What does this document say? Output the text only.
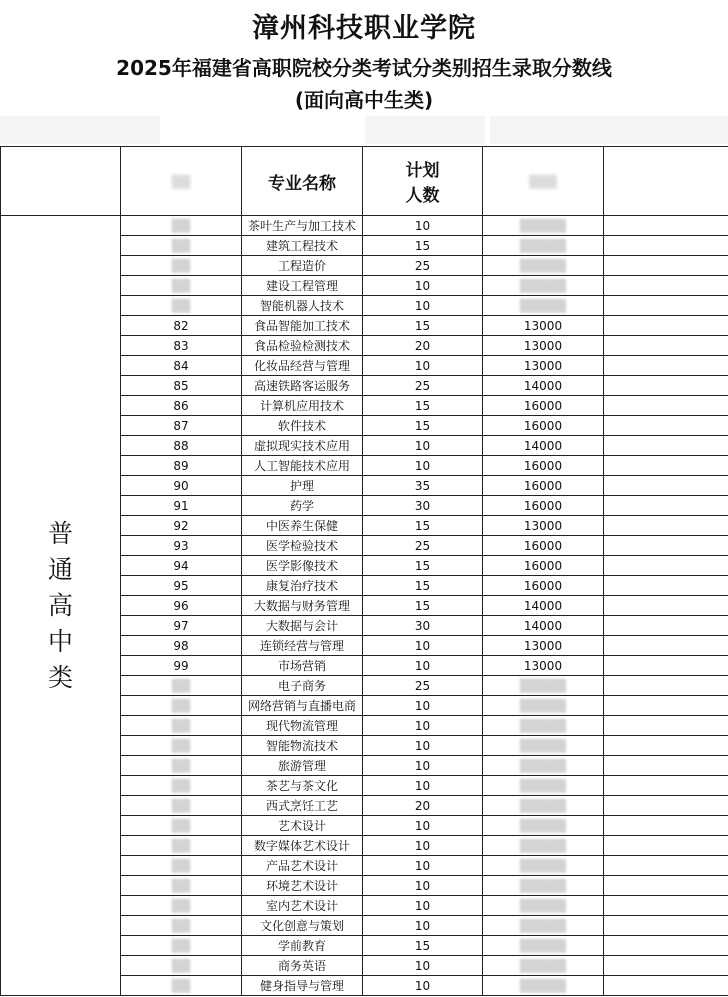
漳州科技职业学院
2025年福建省高职院校分类考试分类别招生录取分数线
(面向高中生类)
	▒▒	专业名称	计划
人数	▒▒▒	

普
通
高
中
类	▒▒	茶叶生产与加工技术	10	▒▒▒▒▒	
	▒▒	建筑工程技术	15	▒▒▒▒▒	
	▒▒	工程造价	25	▒▒▒▒▒	
	▒▒	建设工程管理	10	▒▒▒▒▒	
	▒▒	智能机器人技术	10	▒▒▒▒▒	
	82	食品智能加工技术	15	13000	
	83	食品检验检测技术	20	13000	
	84	化妆品经营与管理	10	13000	
	85	高速铁路客运服务	25	14000	
	86	计算机应用技术	15	16000	
	87	软件技术	15	16000	
	88	虚拟现实技术应用	10	14000	
	89	人工智能技术应用	10	16000	
	90	护理	35	16000	
	91	药学	30	16000	
	92	中医养生保健	15	13000	
	93	医学检验技术	25	16000	
	94	医学影像技术	15	16000	
	95	康复治疗技术	15	16000	
	96	大数据与财务管理	15	14000	
	97	大数据与会计	30	14000	
	98	连锁经营与管理	10	13000	
	99	市场营销	10	13000	
	▒▒	电子商务	25	▒▒▒▒▒	
	▒▒	网络营销与直播电商	10	▒▒▒▒▒	
	▒▒	现代物流管理	10	▒▒▒▒▒	
	▒▒	智能物流技术	10	▒▒▒▒▒	
	▒▒	旅游管理	10	▒▒▒▒▒	
	▒▒	茶艺与茶文化	10	▒▒▒▒▒	
	▒▒	西式烹饪工艺	20	▒▒▒▒▒	
	▒▒	艺术设计	10	▒▒▒▒▒	
	▒▒	数字媒体艺术设计	10	▒▒▒▒▒	
	▒▒	产品艺术设计	10	▒▒▒▒▒	
	▒▒	环境艺术设计	10	▒▒▒▒▒	
	▒▒	室内艺术设计	10	▒▒▒▒▒	
	▒▒	文化创意与策划	10	▒▒▒▒▒	
	▒▒	学前教育	15	▒▒▒▒▒	
	▒▒	商务英语	10	▒▒▒▒▒	
	▒▒	健身指导与管理	10	▒▒▒▒▒	
